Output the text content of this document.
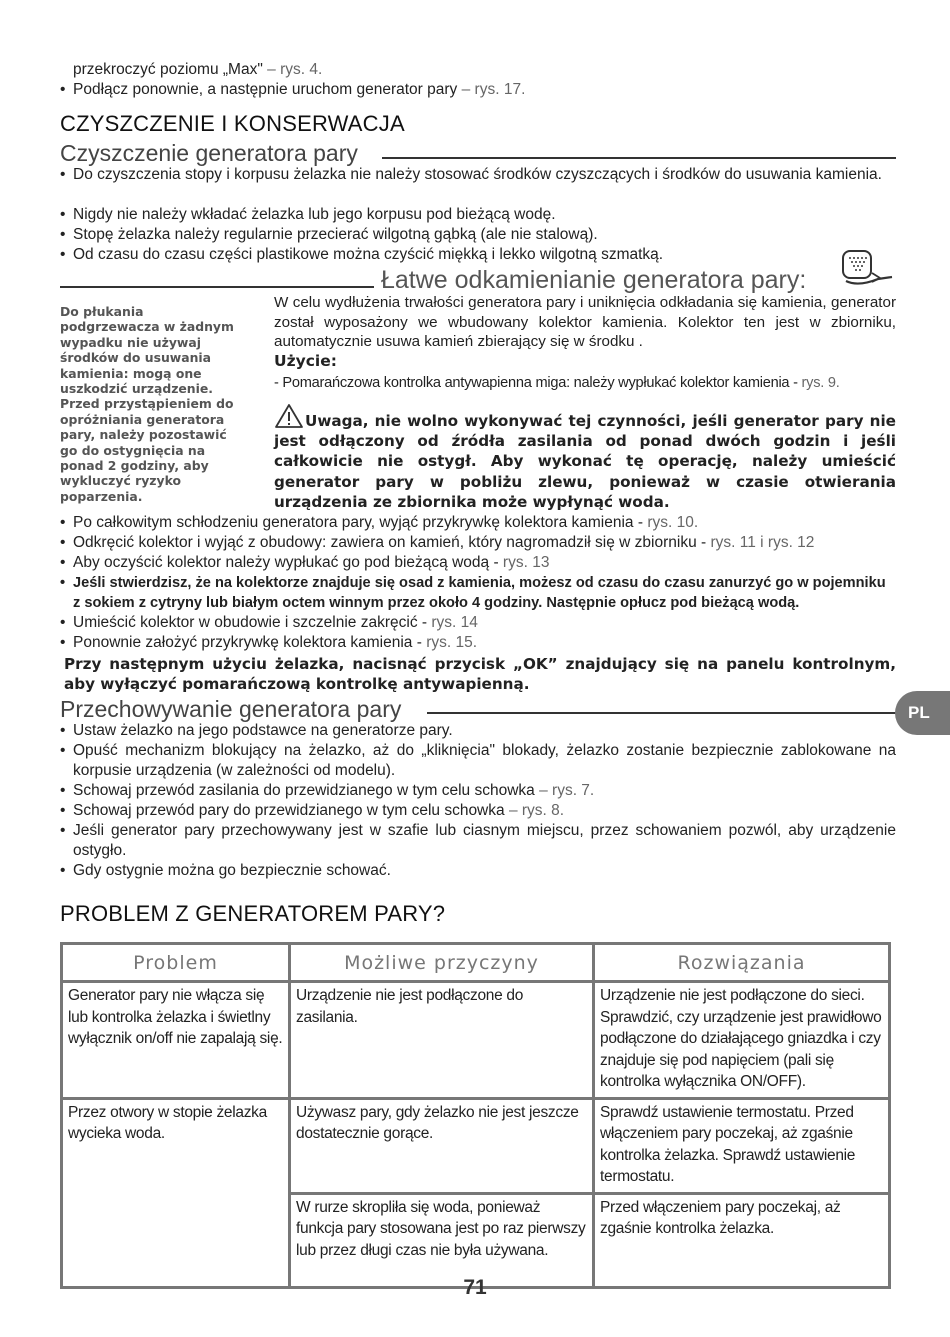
przekroczyć poziomu „Max" – rys. 4.
• Podłącz ponownie, a następnie uruchom generator pary – rys. 17.
CZYSZCZENIE I KONSERWACJA
Czyszczenie generatora pary
• Do czyszczenia stopy i korpusu żelazka nie należy stosować środków czyszczących i środków do usuwania kamienia.
• Nigdy nie należy wkładać żelazka lub jego korpusu pod bieżącą wodę.
• Stopę żelazka należy regularnie przecierać wilgotną gąbką (ale nie stalową).
• Od czasu do czasu części plastikowe można czyścić miękką i lekko wilgotną szmatką.
Łatwe odkamienianie generatora pary:
Do płukania podgrzewacza w żadnym wypadku nie używaj środków do usuwania kamienia: mogą one uszkodzić urządzenie. Przed przystąpieniem do opróżniania generatora pary, należy pozostawić go do ostygnięcia na ponad 2 godziny, aby wykluczyć ryzyko poparzenia.
W celu wydłużenia trwałości generatora pary i uniknięcia odkładania się kamienia, generator został wyposażony we wbudowany kolektor kamienia. Kolektor ten jest w zbiorniku, automatycznie usuwa kamień zbierający się w środku .
Użycie:
- Pomarańczowa kontrolka antywapienna miga: należy wypłukać kolektor kamienia - rys. 9.
Uwaga, nie wolno wykonywać tej czynności, jeśli generator pary nie jest odłączony od źródła zasilania od ponad dwóch godzin i jeśli całkowicie nie ostygł. Aby wykonać tę operację, należy umieścić generator pary w pobliżu zlewu, ponieważ w czasie otwierania urządzenia ze zbiornika może wypłynąć woda.
• Po całkowitym schłodzeniu generatora pary, wyjąć przykrywkę kolektora kamienia - rys. 10.
• Odkręcić kolektor i wyjąć z obudowy: zawiera on kamień, który nagromadził się w zbiorniku - rys. 11 i rys. 12
• Aby oczyścić kolektor należy wypłukać go pod bieżącą wodą - rys. 13
• Jeśli stwierdzisz, że na kolektorze znajduje się osad z kamienia, możesz od czasu do czasu zanurzyć go w pojemniku z sokiem z cytryny lub białym octem winnym przez około 4 godziny. Następnie opłucz pod bieżącą wodą.
• Umieścić kolektor w obudowie i szczelnie zakręcić - rys. 14
• Ponownie założyć przykrywkę kolektora kamienia - rys. 15.
Przy następnym użyciu żelazka, nacisnąć przycisk „OK” znajdujący się na panelu kontrolnym, aby wyłączyć pomarańczową kontrolkę antywapienną.
Przechowywanie generatora pary	PL
• Ustaw żelazko na jego podstawce na generatorze pary.
• Opuść mechanizm blokujący na żelazko, aż do „kliknięcia" blokady, żelazko zostanie bezpiecznie zablokowane na korpusie urządzenia (w zależności od modelu).
• Schowaj przewód zasilania do przewidzianego w tym celu schowka – rys. 7.
• Schowaj przewód pary do przewidzianego w tym celu schowka – rys. 8.
• Jeśli generator pary przechowywany jest w szafie lub ciasnym miejscu, przez schowaniem pozwól, aby urządzenie ostygło.
• Gdy ostygnie można go bezpiecznie schować.
PROBLEM Z GENERATOREM PARY?
Problem	Możliwe przyczyny	Rozwiązania
Generator pary nie włącza się lub kontrolka żelazka i świetlny wyłącznik on/off nie zapalają się.	Urządzenie nie jest podłączone do zasilania.	Urządzenie nie jest podłączone do sieci. Sprawdzić, czy urządzenie jest prawidłowo podłączone do działającego gniazdka i czy znajduje się pod napięciem (pali się kontrolka wyłącznika ON/OFF).
Przez otwory w stopie żelazka wycieka woda.	Używasz pary, gdy żelazko nie jest jeszcze dostatecznie gorące.	Sprawdź ustawienie termostatu. Przed włączeniem pary poczekaj, aż zgaśnie kontrolka żelazka. Sprawdź ustawienie termostatu.
	W rurze skropliła się woda, ponieważ funkcja pary stosowana jest po raz pierwszy lub przez długi czas nie była używana.	Przed włączeniem pary poczekaj, aż zgaśnie kontrolka żelazka.
71
